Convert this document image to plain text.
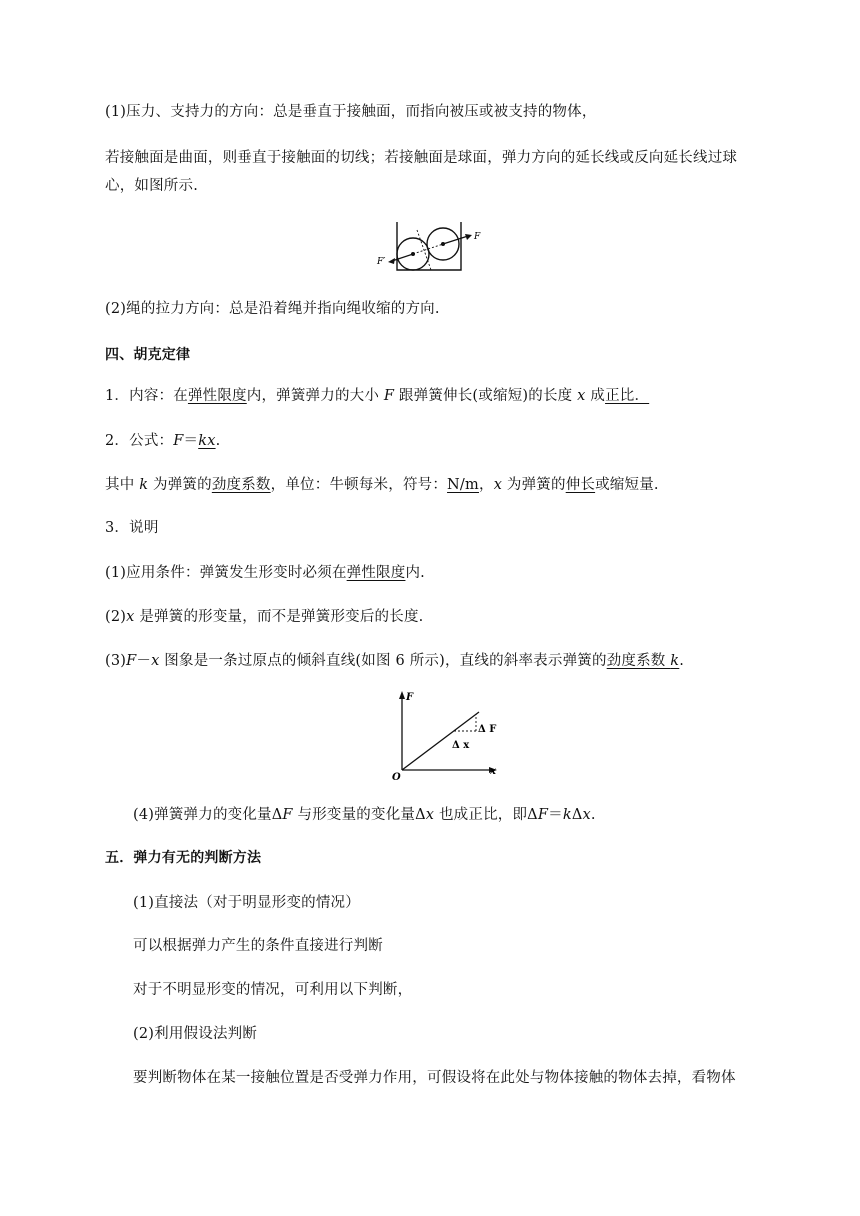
(1)压力、支持力的方向：总是垂直于接触面，而指向被压或被支持的物体，
若接触面是曲面，则垂直于接触面的切线；若接触面是球面，弹力方向的延长线或反向延长线过球
心，如图所示.
F
F′
(2)绳的拉力方向：总是沿着绳并指向绳收缩的方向.
四、胡克定律
1．内容：在弹性限度内，弹簧弹力的大小 F 跟弹簧伸长(或缩短)的长度 x 成正比．
2．公式：F＝kx.
其中 k 为弹簧的劲度系数，单位：牛顿每米，符号：N/m，x 为弹簧的伸长或缩短量.
3．说明
(1)应用条件：弹簧发生形变时必须在弹性限度内.
(2)x 是弹簧的形变量，而不是弹簧形变后的长度.
(3)F－x 图象是一条过原点的倾斜直线(如图 6 所示)，直线的斜率表示弹簧的劲度系数 k.
F
x
O
Δ F
Δ x
(4)弹簧弹力的变化量ΔF 与形变量的变化量Δx 也成正比，即ΔF＝kΔx.
五．弹力有无的判断方法
(1)直接法（对于明显形变的情况）
可以根据弹力产生的条件直接进行判断
对于不明显形变的情况，可利用以下判断，
(2)利用假设法判断
要判断物体在某一接触位置是否受弹力作用，可假设将在此处与物体接触的物体去掉，看物体
